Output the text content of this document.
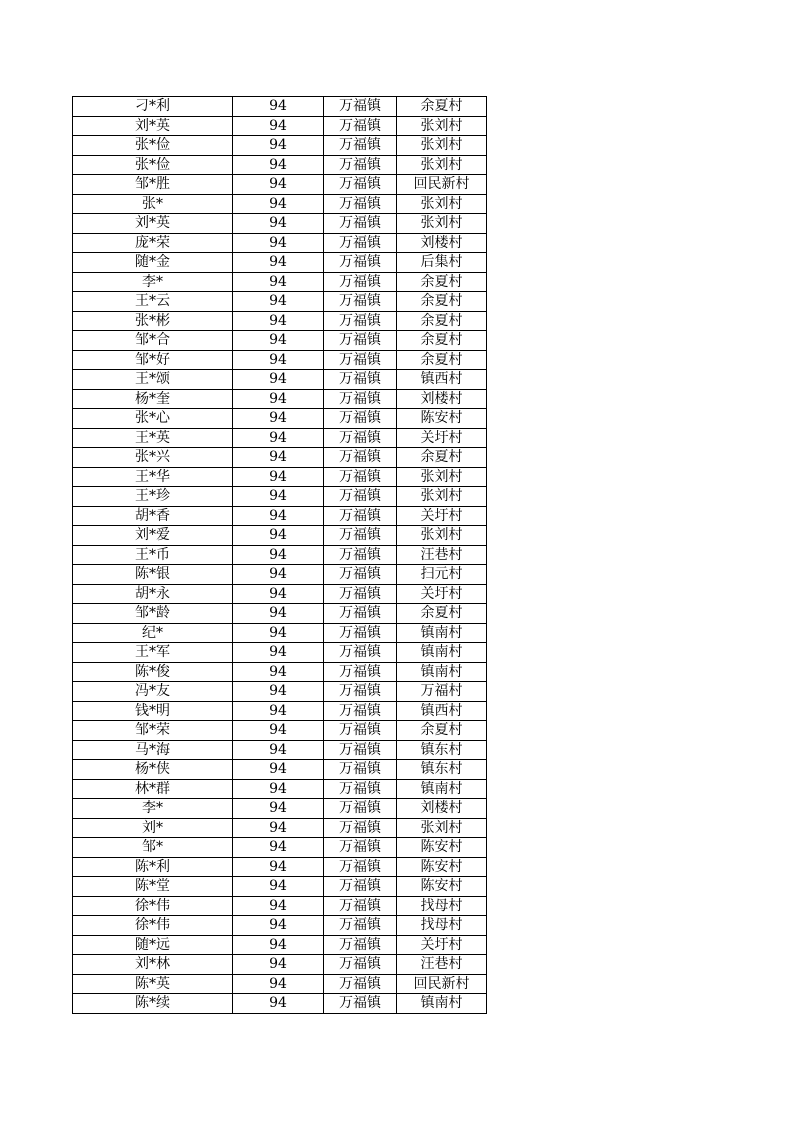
刁*利	94	万福镇	余夏村
刘*英	94	万福镇	张刘村
张*俭	94	万福镇	张刘村
张*俭	94	万福镇	张刘村
邹*胜	94	万福镇	回民新村
张*	94	万福镇	张刘村
刘*英	94	万福镇	张刘村
庞*荣	94	万福镇	刘楼村
随*金	94	万福镇	后集村
李*	94	万福镇	余夏村
王*云	94	万福镇	余夏村
张*彬	94	万福镇	余夏村
邹*合	94	万福镇	余夏村
邹*好	94	万福镇	余夏村
王*颂	94	万福镇	镇西村
杨*奎	94	万福镇	刘楼村
张*心	94	万福镇	陈安村
王*英	94	万福镇	关圩村
张*兴	94	万福镇	余夏村
王*华	94	万福镇	张刘村
王*珍	94	万福镇	张刘村
胡*香	94	万福镇	关圩村
刘*爱	94	万福镇	张刘村
王*币	94	万福镇	汪巷村
陈*银	94	万福镇	扫元村
胡*永	94	万福镇	关圩村
邹*龄	94	万福镇	余夏村
纪*	94	万福镇	镇南村
王*军	94	万福镇	镇南村
陈*俊	94	万福镇	镇南村
冯*友	94	万福镇	万福村
钱*明	94	万福镇	镇西村
邹*荣	94	万福镇	余夏村
马*海	94	万福镇	镇东村
杨*侠	94	万福镇	镇东村
林*群	94	万福镇	镇南村
李*	94	万福镇	刘楼村
刘*	94	万福镇	张刘村
邹*	94	万福镇	陈安村
陈*利	94	万福镇	陈安村
陈*堂	94	万福镇	陈安村
徐*伟	94	万福镇	找母村
徐*伟	94	万福镇	找母村
随*远	94	万福镇	关圩村
刘*林	94	万福镇	汪巷村
陈*英	94	万福镇	回民新村
陈*续	94	万福镇	镇南村
